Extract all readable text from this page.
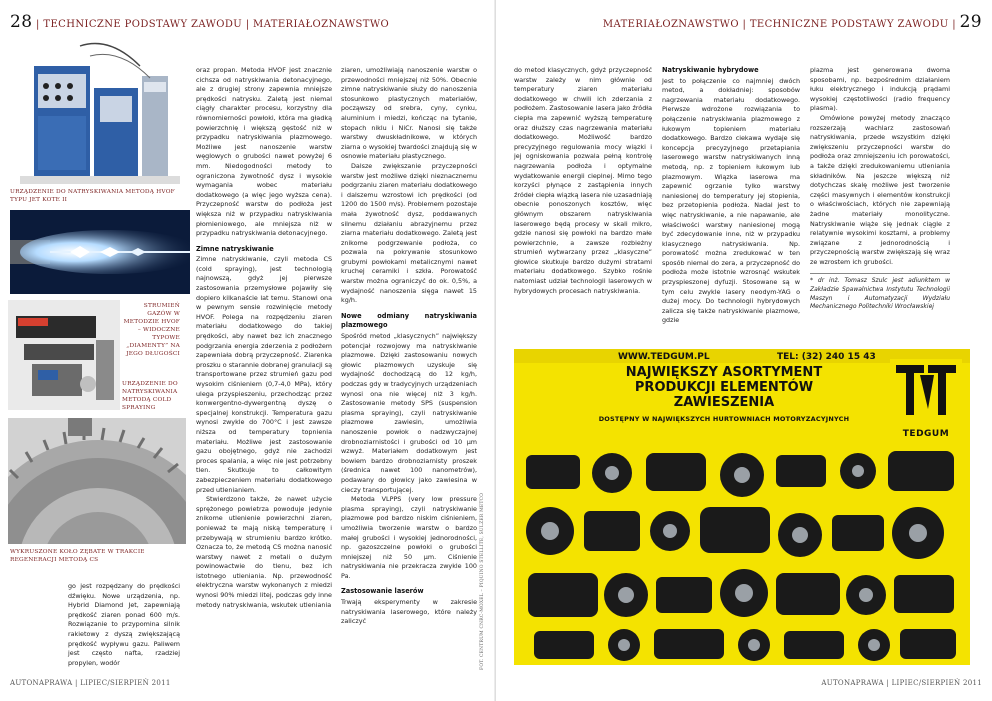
28 | TECHNICZNE PODSTAWY ZAWODU | MATERIAŁOZNAWSTWO
URZĄDZENIE DO NATRYSKIWANIA METODĄ HVOF TYPU JET KOTE II
STRUMIEŃ GAZÓW W METODZIE HVOF – WIDOCZNE TYPOWE „DIAMENTY” NA JEGO DŁUGOŚCI
URZĄDZENIE DO NATRYSKIWANIA METODĄ COLD SPRAYING
WYKRUSZONE KOŁO ZĘBATE W TRAKCIE REGENERACJI METODĄ CS

go jest rozpędzany do prędkości dźwięku. Nowe urządzenia, np. Hybrid Diamond Jet, zapewniają prędkość ziaren ponad 600 m/s. Rozwiązanie to przypomina silnik rakietowy z dyszą zwiększającą prędkość wypływu gazu. Paliwem jest często nafta, rzadziej propylen, wodór

oraz propan. Metoda HVOF jest znacznie cichsza od natryskiwania detonacyjnego, ale z drugiej strony zapewnia mniejsze prędkości natrysku. Zaletą jest niemal ciągły charakter procesu, korzystny dla równomierności powłoki, która ma gładką powierzchnię i większą gęstość niż w przypadku natryskiwania plazmowego. Możliwe jest nanoszenie warstw węglowych o grubości nawet powyżej 6 mm. Niedogodności metody to ograniczona żywotność dysz i wysokie wymagania wobec materiału dodatkowego (a więc jego wyższa cena). Przyczepność warstw do podłoża jest większa niż w przypadku natryskiwania płomieniowego, ale mniejsza niż w przypadku natryskiwania detonacyjnego.

Zimne natryskiwanie

Zimne natryskiwanie, czyli metoda CS (cold spraying), jest technologią najnowszą, gdyż jej pierwsze zastosowania przemysłowe pojawiły się dopiero kilkanaście lat temu. Stanowi ona w pewnym sensie rozwinięcie metody HVOF. Polega na rozpędzeniu ziaren materiału dodatkowego do takiej prędkości, aby nawet bez ich znacznego podgrzania energia zderzenia z podłożem zapewniała dobrą przyczepność. Ziarenka proszku o starannie dobranej granulacji są transportowane przez strumień gazu pod wysokim ciśnieniem (0,7-4,0 MPa), który ulega przyspieszeniu, przechodząc przez konwergentno-dywergentną dyszę o specjalnej konstrukcji. Temperatura gazu wynosi zwykle do 700°C i jest zawsze niższa od temperatury topnienia materiału. Możliwe jest zastosowanie gazu obojętnego, gdyż nie zachodzi proces spalania, a więc nie jest potrzebny tlen. Skutkuje to całkowitym zabezpieczeniem materiału dodatkowego przed utlenianiem.

Stwierdzono także, że nawet użycie sprężonego powietrza powoduje jedynie znikome utlenienie powierzchni ziaren, ponieważ te mają niską temperaturę i przebywają w strumieniu bardzo krótko. Oznacza to, że metodą CS można nanosić warstwy nawet z metali o dużym powinowactwie do tlenu, bez ich istotnego utleniania. Np. przewodność elektryczna warstw wykonanych z miedzi wynosi 90% miedzi litej, podczas gdy inne metody natryskiwania, wskutek utleniania

ziaren, umożliwiają nanoszenie warstw o przewodności mniejszej niż 50%. Obecnie zimne natryskiwanie służy do nanoszenia stosunkowo plastycznych materiałów, począwszy od srebra, cyny, cynku, aluminium i miedzi, kończąc na tytanie, stopach niklu i NiCr. Nanosi się także warstwy dwuskładnikowe, w których ziarna o wysokiej twardości znajdują się w osnowie materiału plastycznego.

Dalsze zwiększanie przyczepności warstw jest możliwe dzięki nieznacznemu podgrzaniu ziaren materiału dodatkowego i dalszemu wzrostowi ich prędkości (od 1200 do 1500 m/s). Problemem pozostaje mała żywotność dysz, poddawanych silnemu działaniu abrazyjnemu przez ziarna materiału dodatkowego. Zaletą jest znikome podgrzewanie podłoża, co pozwala na pokrywanie stosunkowo grubymi powłokami metalicznymi nawet kruchej ceramiki i szkła. Porowatość warstw można ograniczyć do ok. 0,5%, a wydajność nanoszenia sięga nawet 15 kg/h.

Nowe odmiany natryskiwania plazmowego

Spośród metod „klasycznych” największy potencjał rozwojowy ma natryskiwanie plazmowe. Dzięki zastosowaniu nowych głowic plazmowych uzyskuje się wydajność dochodzącą do 12 kg/h, podczas gdy w tradycyjnych urządzeniach wynosi ona nie więcej niż 3 kg/h. Zastosowanie metody SPS (suspension plasma spraying), czyli natryskiwanie plazmowe zawiesin, umożliwia nanoszenie powłok o nadzwyczajnej drobnoziarnistości i grubości od 10 μm wzwyż. Materiałem dodatkowym jest bowiem bardzo drobnoziarnisty proszek (średnica nawet 100 nanometrów), podawany do głowicy jako zawiesina w cieczy transportującej.

Metoda VLPPS (very low pressure plasma spraying), czyli natryskiwanie plazmowe pod bardzo niskim ciśnieniem, umożliwia tworzenie warstw o bardzo małej grubości i wysokiej jednorodności, np. gazoszczelne powłoki o grubości mniejszej niż 50 μm. Ciśnienie natryskiwania nie przekracza zwykle 100 Pa.

Zastosowanie laserów

Trwają eksperymenty w zakresie natryskiwania laserowego, które należy zaliczyć	FOT. CENTRUM CNRC-MOXEL – PIQUINO STELLITE, SULZER METCO
AUTONAPRAWA | LIPIEC/SIERPIEŃ 2011
MATERIAŁOZNAWSTWO | TECHNICZNE PODSTAWY ZAWODU | 29

do metod klasycznych, gdyż przyczepność warstw zależy w nim głównie od temperatury ziaren materiału dodatkowego w chwili ich zderzania z podłożem. Zastosowanie lasera jako źródła ciepła ma zapewnić wyższą temperaturę oraz dłuższy czas nagrzewania materiału dodatkowego. Możliwość bardzo precyzyjnego regulowania mocy wiązki i jej ogniskowania pozwala pełną kontrolę nagrzewania podłoża i optymalne wydatkowanie energii cieplnej. Mimo tego korzyści płynące z zastąpienia innych źródeł ciepła wiązką lasera nie uzasadniają obecnie ponoszonych kosztów, więc głównym obszarem natryskiwania laserowego będą procesy w skali mikro, gdzie nanosi się powłoki na bardzo małe powierzchnie, a zawsze rozbieżny strumień wytwarzany przez „klasyczne” głowice skutkuje bardzo dużymi stratami materiału dodatkowego. Szybko rośnie natomiast udział technologii laserowych w hybrydowych procesach natryskiwania.

Natryskiwanie hybrydowe

Jest to połączenie co najmniej dwóch metod, a dokładniej: sposobów nagrzewania materiału dodatkowego. Pierwsze wdrożone rozwiązania to połączenie natryskiwania plazmowego z łukowym topieniem materiału dodatkowego. Bardzo ciekawa wydaje się koncepcja precyzyjnego przetapiania laserowego warstw natryskiwanych inną metodą, np. z topieniem łukowym lub plazmowym. Wiązka laserowa ma zapewnić ogrzanie tylko warstwy naniesionej do temperatury jej stopienia, bez przetopienia podłoża. Nadal jest to więc natryskiwanie, a nie napawanie, ale właściwości warstwy naniesionej mogą być zdecydowanie inne, niż w przypadku klasycznego natryskiwania. Np. porowatość można zredukować w ten sposób niemal do zera, a przyczepność do podłoża może istotnie wzrosnąć wskutek przyspieszonej dyfuzji. Stosowane są w tym celu zwykle lasery neodym-YAG o dużej mocy. Do technologii hybrydowych zalicza się także natryskiwanie plazmowe, gdzie

plazma jest generowana dwoma sposobami, np. bezpośrednim działaniem łuku elektrycznego i indukcją prądami wysokiej częstotliwości (radio frequency plasma).

Omówione powyżej metody znacząco rozszerzają wachlarz zastosowań natryskiwania, przede wszystkim dzięki zwiększeniu przyczepności warstw do podłoża oraz zmniejszeniu ich porowatości, a także dzięki zredukowaniemu utleniania składników. Na jeszcze większą niż dotychczas skalę możliwe jest tworzenie części masywnych i elementów konstrukcji o właściwościach, których nie zapewniają żadne materiały monolityczne. Natryskiwanie wiąże się jednak ciągle z relatywnie wysokimi kosztami, a problemy związane z jednorodnością i przyczepnością warstw zwiększają się wraz ze wzrostem ich grubości.

* dr inż. Tomasz Szulc jest adiunktem w Zakładzie Spawalnictwa Instytutu Technologii Maszyn i Automatyzacji Wydziału Mechanicznego Politechniki Wrocławskiej
AUTONAPRAWA | LIPIEC/SIERPIEŃ 2011
WWW.TEDGUM.PL	TEL: (32) 240 15 43
NAJWIĘKSZY ASORTYMENT
PRODUKCJI ELEMENTÓW
ZAWIESZENIA
DOSTĘPNY W NAJWIĘKSZYCH HURTOWNIACH MOTORYZACYJNYCH
TEDGUM
